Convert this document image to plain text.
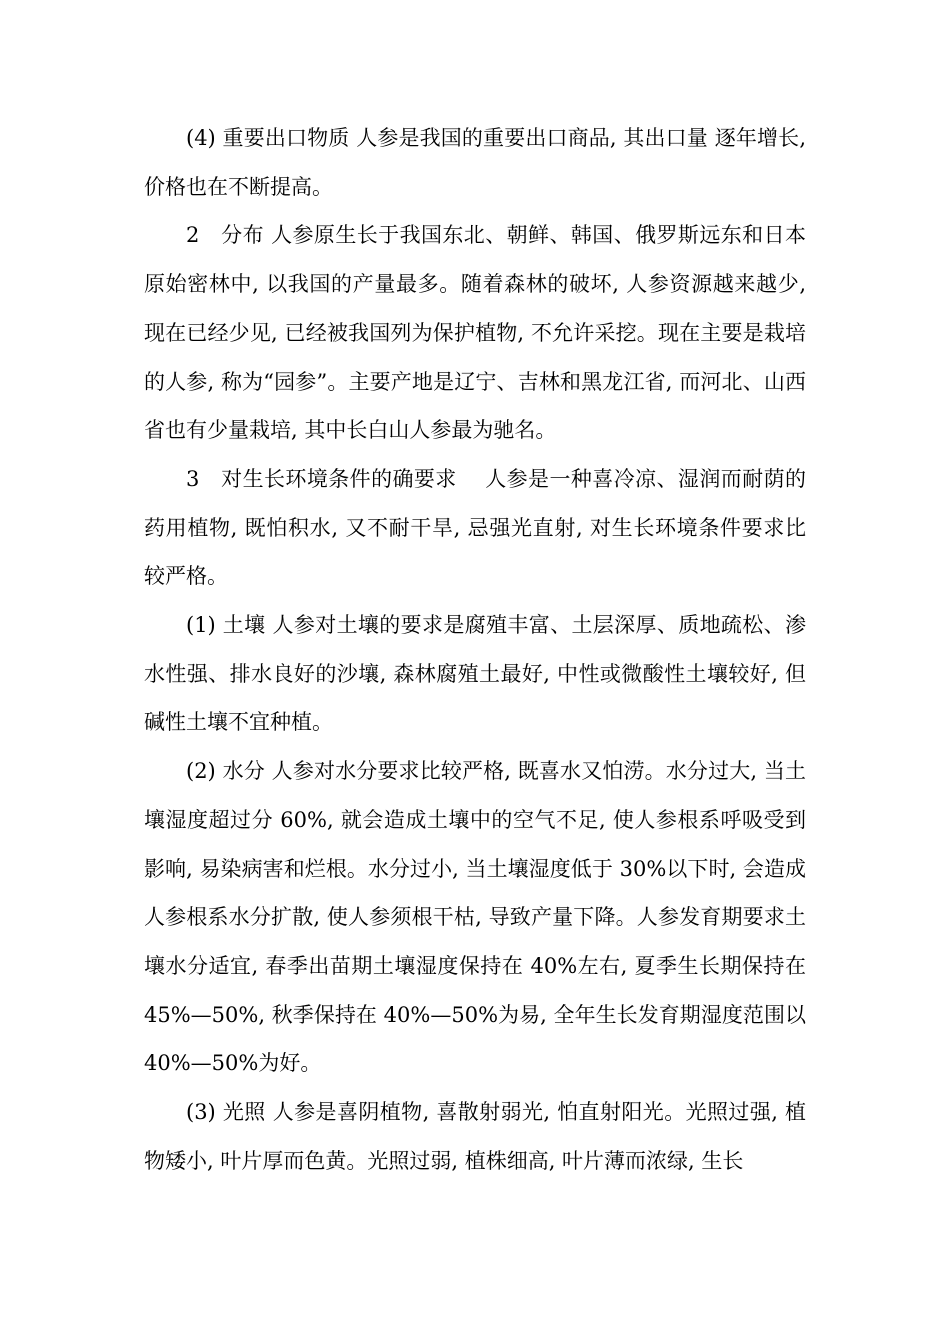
(4) 重要出口物质 人参是我国的重要出口商品, 其出口量 逐年增长, 价格也在不断提高。

2　分布 人参原生长于我国东北、朝鲜、韩国、俄罗斯远东和日本原始密林中, 以我国的产量最多。随着森林的破坏, 人参资源越来越少, 现在已经少见, 已经被我国列为保护植物, 不允许采挖。现在主要是栽培的人参, 称为“园参”。主要产地是辽宁、吉林和黑龙江省, 而河北、山西省也有少量栽培, 其中长白山人参最为驰名。

3　对生长环境条件的确要求　 人参是一种喜冷凉、湿润而耐荫的药用植物, 既怕积水, 又不耐干旱, 忌强光直射, 对生长环境条件要求比较严格。

(1) 土壤 人参对土壤的要求是腐殖丰富、土层深厚、质地疏松、渗水性强、排水良好的沙壤, 森林腐殖土最好, 中性或微酸性土壤较好, 但碱性土壤不宜种植。

(2) 水分 人参对水分要求比较严格, 既喜水又怕涝。水分过大, 当土壤湿度超过分 60%, 就会造成土壤中的空气不足, 使人参根系呼吸受到影响, 易染病害和烂根。水分过小, 当土壤湿度低于 30%以下时, 会造成人参根系水分扩散, 使人参须根干枯, 导致产量下降。人参发育期要求土壤水分适宜, 春季出苗期土壤湿度保持在 40%左右, 夏季生长期保持在 45%—50%, 秋季保持在 40%—50%为易, 全年生长发育期湿度范围以 40%—50%为好。

(3) 光照 人参是喜阴植物, 喜散射弱光, 怕直射阳光。光照过强, 植物矮小, 叶片厚而色黄。光照过弱, 植株细高, 叶片薄而浓绿, 生长
